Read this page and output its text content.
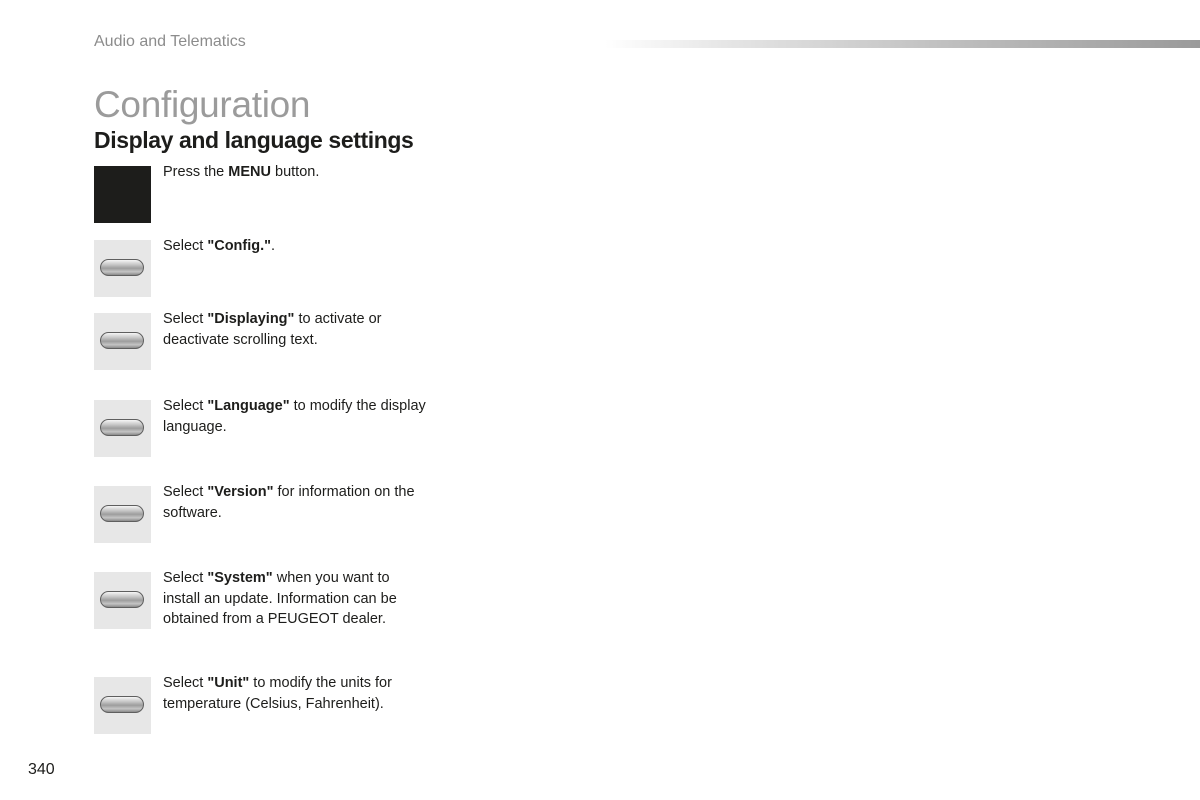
Audio and Telematics
Configuration
Display and language settings
Press the MENU button.
Select "Config.".
Select "Displaying" to activate or deactivate scrolling text.
Select "Language" to modify the display language.
Select "Version" for information on the software.
Select "System" when you want to install an update. Information can be obtained from a PEUGEOT dealer.
Select "Unit" to modify the units for temperature (Celsius, Fahrenheit).
340
